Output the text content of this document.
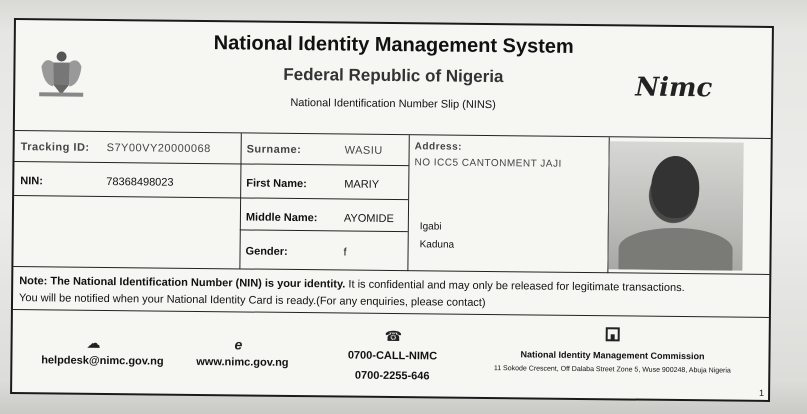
National Identity Management System
Federal Republic of Nigeria
National Identification Number Slip (NINS)
Nimc
Tracking ID: S7Y00VY20000068
NIN:	78368498023
Surname:	WASIU
First Name:	MARIY
Middle Name: AYOMIDE
Gender:	f
Address:
NO ICC5 CANTONMENT JAJI
Igabi
Kaduna
Note: The National Identification Number (NIN) is your identity. It is confidential and may only be released for legitimate transactions.
You will be notified when your National Identity Card is ready.(For any enquiries, please contact)
☁
helpdesk@nimc.gov.ng
e
www.nimc.gov.ng
☎
0700-CALL-NIMC
0700-2255-646
National Identity Management Commission
11 Sokode Crescent, Off Dalaba Street Zone 5, Wuse 900248, Abuja Nigeria
1
